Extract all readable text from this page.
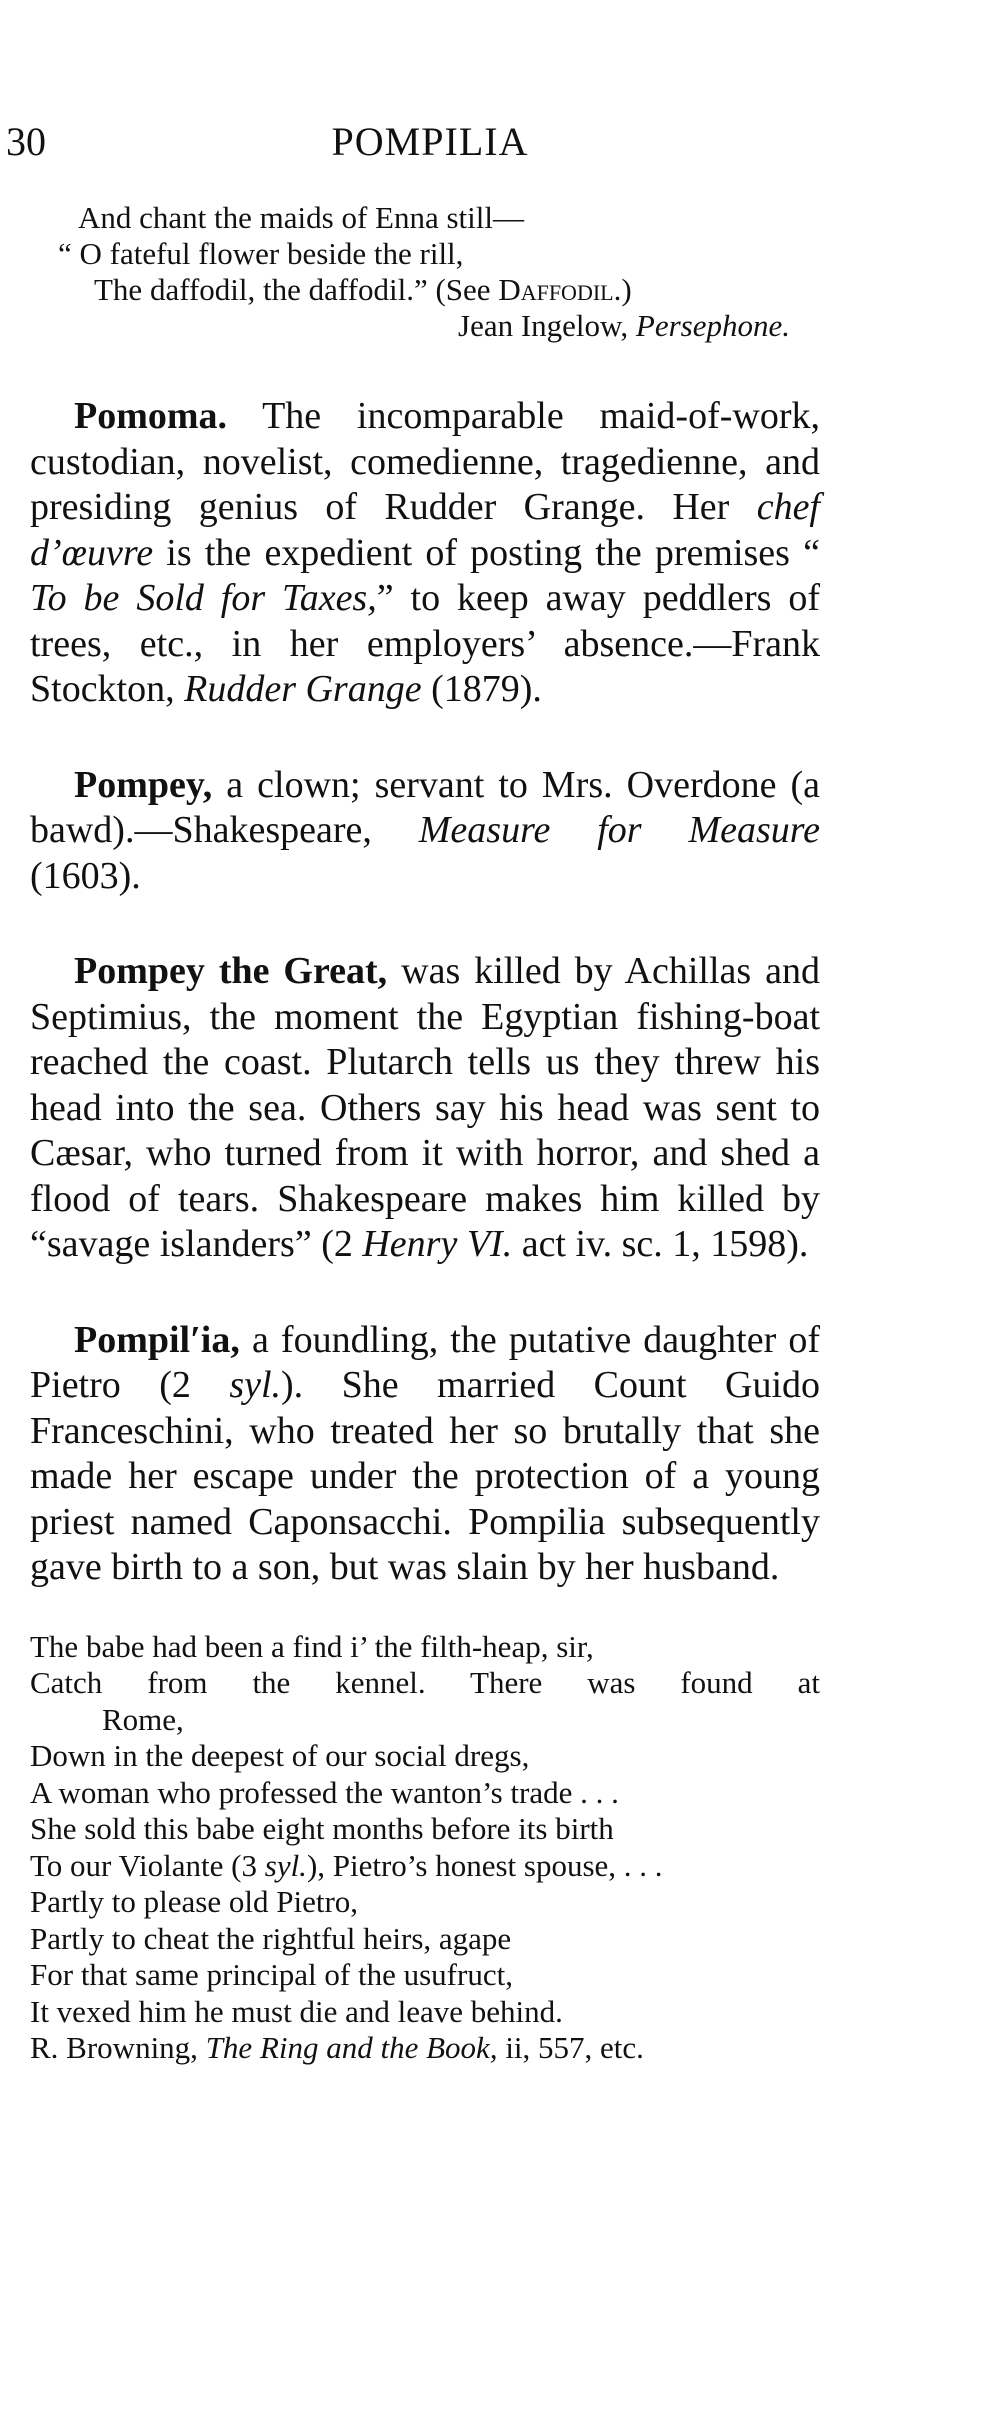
30	POMPILIA
And chant the maids of Enna still—
“ O fateful flower beside the rill,
The daffodil, the daffodil.” (See Daffodil.)
Jean Ingelow, Persephone.

Pomoma. The incomparable maid-of-work, custodian, novelist, comedienne, tragedienne, and presiding genius of Rudder Grange. Her chef d’œuvre is the expedient of posting the premises “ To be Sold for Taxes,” to keep away peddlers of trees, etc., in her employers’ absence.—Frank Stockton, Rudder Grange (1879).

Pompey, a clown; servant to Mrs. Overdone (a bawd).—Shakespeare, Measure for Measure (1603).

Pompey the Great, was killed by Achillas and Septimius, the moment the Egyptian fishing-boat reached the coast. Plutarch tells us they threw his head into the sea. Others say his head was sent to Cæsar, who turned from it with horror, and shed a flood of tears. Shakespeare makes him killed by “savage islanders” (2 Henry VI. act iv. sc. 1, 1598).

Pompil′ia, a foundling, the putative daughter of Pietro (2 syl.). She married Count Guido Franceschini, who treated her so brutally that she made her escape under the protection of a young priest named Caponsacchi. Pompilia subsequently gave birth to a son, but was slain by her husband.

The babe had been a find i’ the filth-heap, sir,
Catch from the kennel. There was found at
Rome,
Down in the deepest of our social dregs,
A woman who professed the wanton’s trade . . .
She sold this babe eight months before its birth
To our Violante (3 syl.), Pietro’s honest spouse, . . .
Partly to please old Pietro,
Partly to cheat the rightful heirs, agape
For that same principal of the usufruct,
It vexed him he must die and leave behind.
R. Browning, The Ring and the Book, ii, 557, etc.
